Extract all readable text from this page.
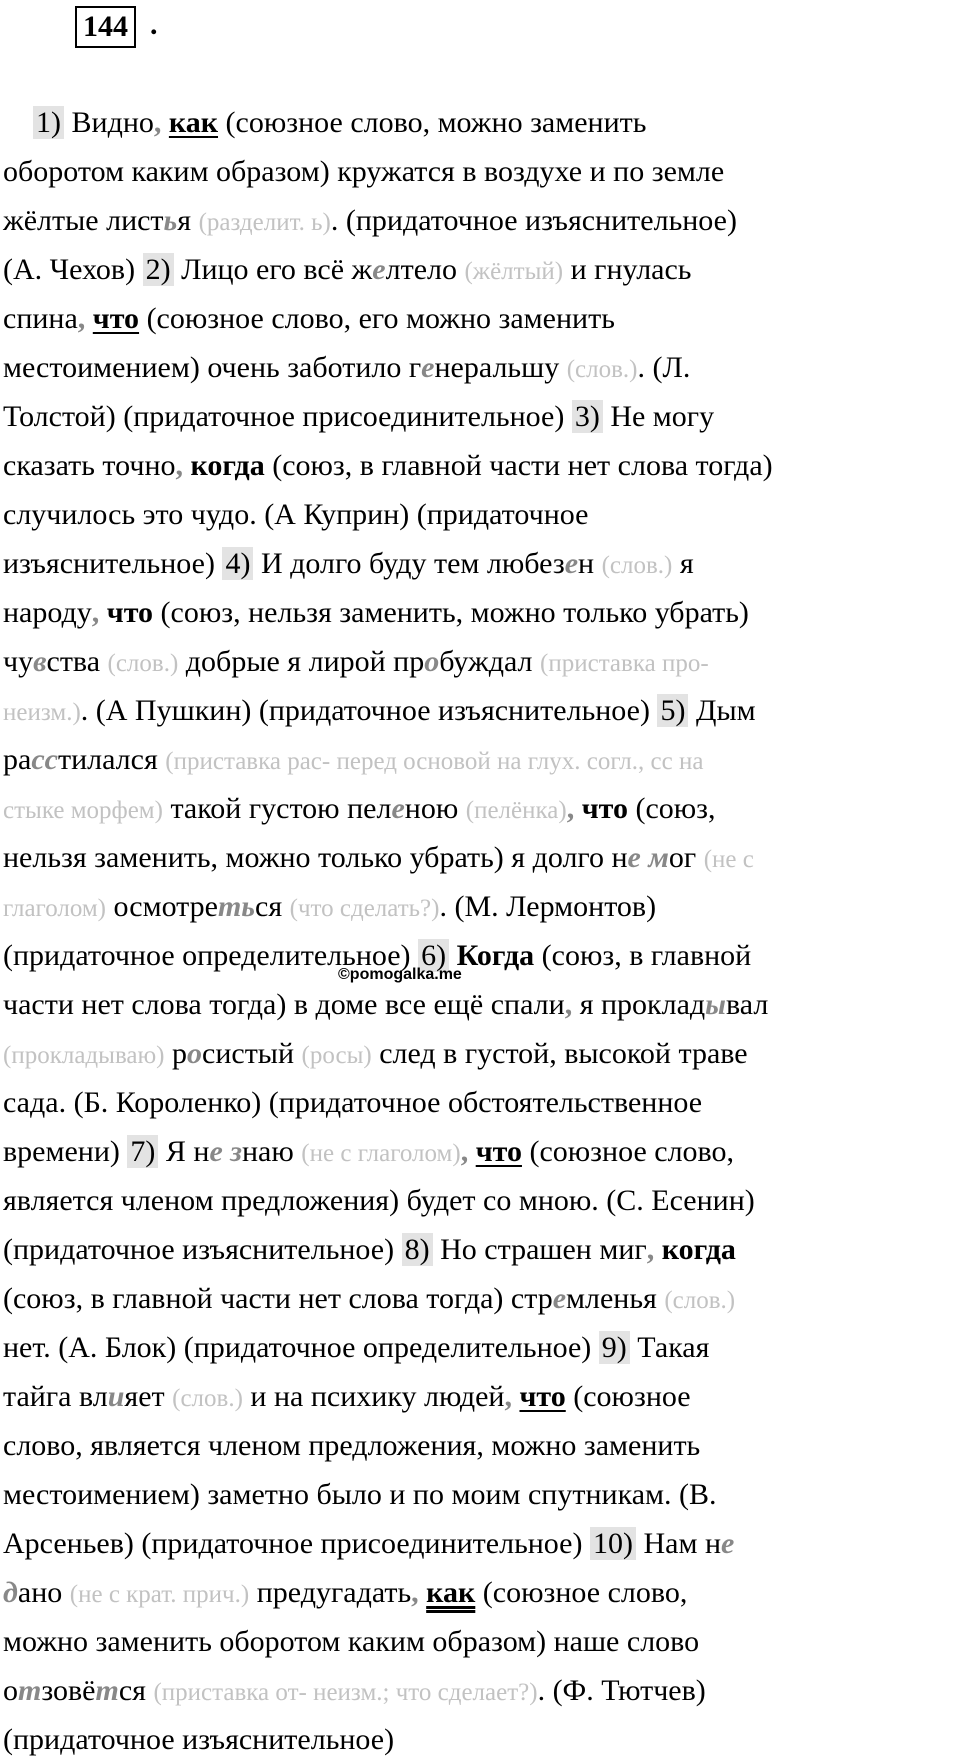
144 .
 1) Видно, как (союзное слово, можно заменить
оборотом каким образом) кружатся в воздухе и по земле
жёлтые листья (разделит. ь). (придаточное изъяснительное)
(А. Чехов) 2) Лицо его всё желтело (жёлтый) и гнулась
спина, что (союзное слово, его можно заменить
местоимением) очень заботило генеральшу (слов.). (Л.
Толстой) (придаточное присоединительное) 3) Не могу
сказать точно, когда (союз, в главной части нет слова тогда)
случилось это чудо. (А Куприн) (придаточное
изъяснительное) 4) И долго буду тем любезен (слов.) я
народу, что (союз, нельзя заменить, можно только убрать)
чувства (слов.) добрые я лирой пробуждал (приставка про-
неизм.). (А Пушкин) (придаточное изъяснительное) 5) Дым
расстилался (приставка рас- перед основой на глух. согл., сс на
стыке морфем) такой густою пеленою (пелёнка), что (союз,
нельзя заменить, можно только убрать) я долго не мог (не с
глаголом) осмотреться (что сделать?). (М. Лермонтов)
(придаточное определительное) 6) Когда (союз, в главной
части нет слова тогда) в доме все ещё спали, я прокладывал
(прокладываю) росистый (росы) след в густой, высокой траве
сада. (Б. Короленко) (придаточное обстоятельственное
времени) 7) Я не знаю (не с глаголом), что (союзное слово,
является членом предложения) будет со мною. (С. Есенин)
(придаточное изъяснительное) 8) Но страшен миг, когда
(союз, в главной части нет слова тогда) стремленья (слов.)
нет. (А. Блок) (придаточное определительное) 9) Такая
тайга влияет (слов.) и на психику людей, что (союзное
слово, является членом предложения, можно заменить
местоимением) заметно было и по моим спутникам. (В.
Арсеньев) (придаточное присоединительное) 10) Нам не
дано (не с крат. прич.) предугадать, как (союзное слово,
можно заменить оборотом каким образом) наше слово
отзовётся (приставка от- неизм.; что сделает?). (Ф. Тютчев)
(придаточное изъяснительное)
©pomogalka.me
